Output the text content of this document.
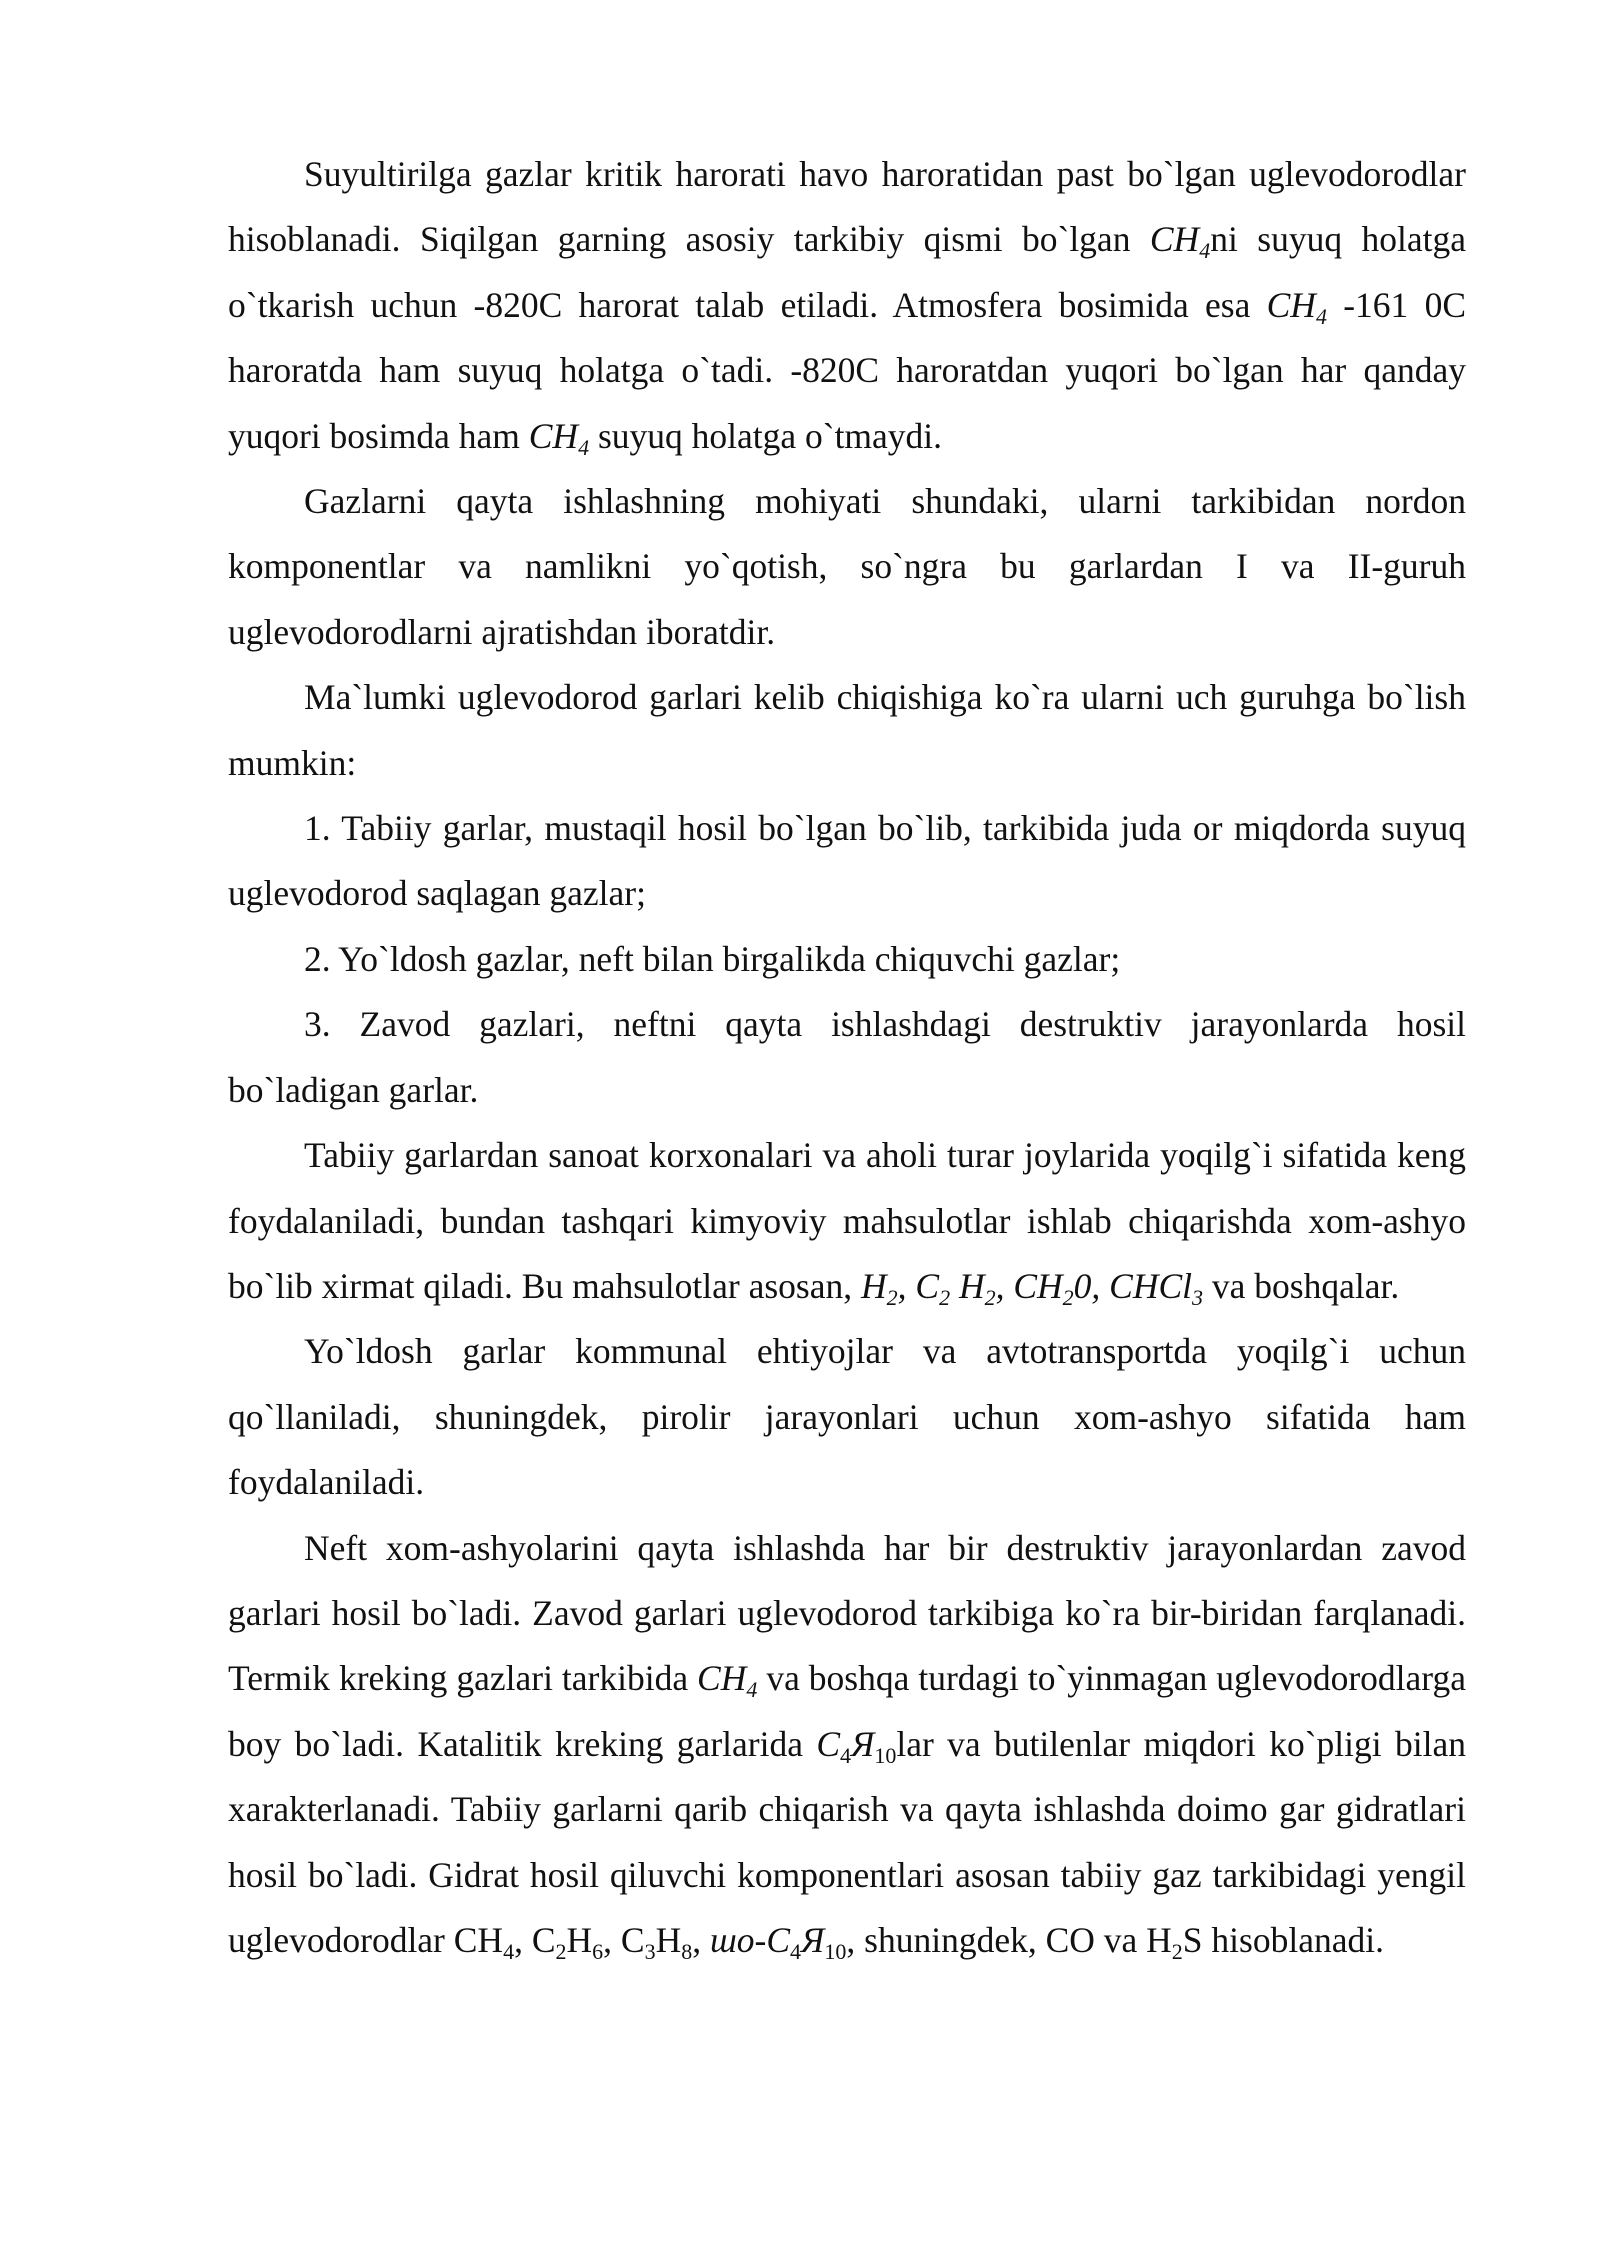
Suyultirilga gazlar kritik harorati havo haroratidan past bo`lgan uglevodorodlar hisoblanadi. Siqilgan garning asosiy tarkibiy qismi bo`lgan $CH_4ni$ suyuq holatga o`tkarish uchun -820C harorat talab etiladi. Atmosfera bosimida esa $CH_4$ -161 0C haroratda ham suyuq holatga o`tadi. -820C haroratdan yuqori bo`lgan har qanday yuqori bosimda ham $CH_4$ suyuq holatga o`tmaydi.

Gazlarni qayta ishlashning mohiyati shundaki, ularni tarkibidan nordon komponentlar va namlikni yo`qotish, so`ngra bu garlardan I va II-guruh uglevodorodlarni ajratishdan iboratdir.

Ma`lumki uglevodorod garlari kelib chiqishiga ko`ra ularni uch guruhga bo`lish mumkin:

1. Tabiiy garlar, mustaqil hosil bo`lgan bo`lib, tarkibida juda or miqdorda suyuq uglevodorod saqlagan gazlar;

2. Yo`ldosh gazlar, neft bilan birgalikda chiquvchi gazlar;

3. Zavod gazlari, neftni qayta ishlashdagi destruktiv jarayonlarda hosil bo`ladigan garlar.

Tabiiy garlardan sanoat korxonalari va aholi turar joylarida yoqilg`i sifatida keng foydalaniladi, bundan tashqari kimyoviy mahsulotlar ishlab chiqarishda xom-ashyo bo`lib xirmat qiladi. Bu mahsulotlar asosan, $H_2$, $C_2$ $H_2$, $CH_20$, CHCl$_3$ va boshqalar.

Yo`ldosh garlar kommunal ehtiyojlar va avtotransportda yoqilg`i uchun qo`llaniladi, shuningdek, pirolir jarayonlari uchun xom-ashyo sifatida ham foydalaniladi.

Neft xom-ashyolarini qayta ishlashda har bir destruktiv jarayonlardan zavod garlari hosil bo`ladi. Zavod garlari uglevodorod tarkibiga ko`ra bir-biridan farqlanadi. Termik kreking gazlari tarkibida $CH_4$ va boshqa turdagi to`yinmagan uglevodorodlarga boy bo`ladi. Katalitik kreking garlarida $C_4Я_{10}lar$ va butilenlar miqdori ko`pligi bilan xarakterlanadi. Tabiiy garlarni qarib chiqarish va qayta ishlashda doimo gar gidratlari hosil bo`ladi. Gidrat hosil qiluvchi komponentlari asosan tabiiy gaz tarkibidagi yengil uglevodorodlar $CH_4$, $C_2H_6$, $C_3H_8$, $шо-C_4Я_{10}$, shuningdek, CO va $H_2S$ hisoblanadi.
